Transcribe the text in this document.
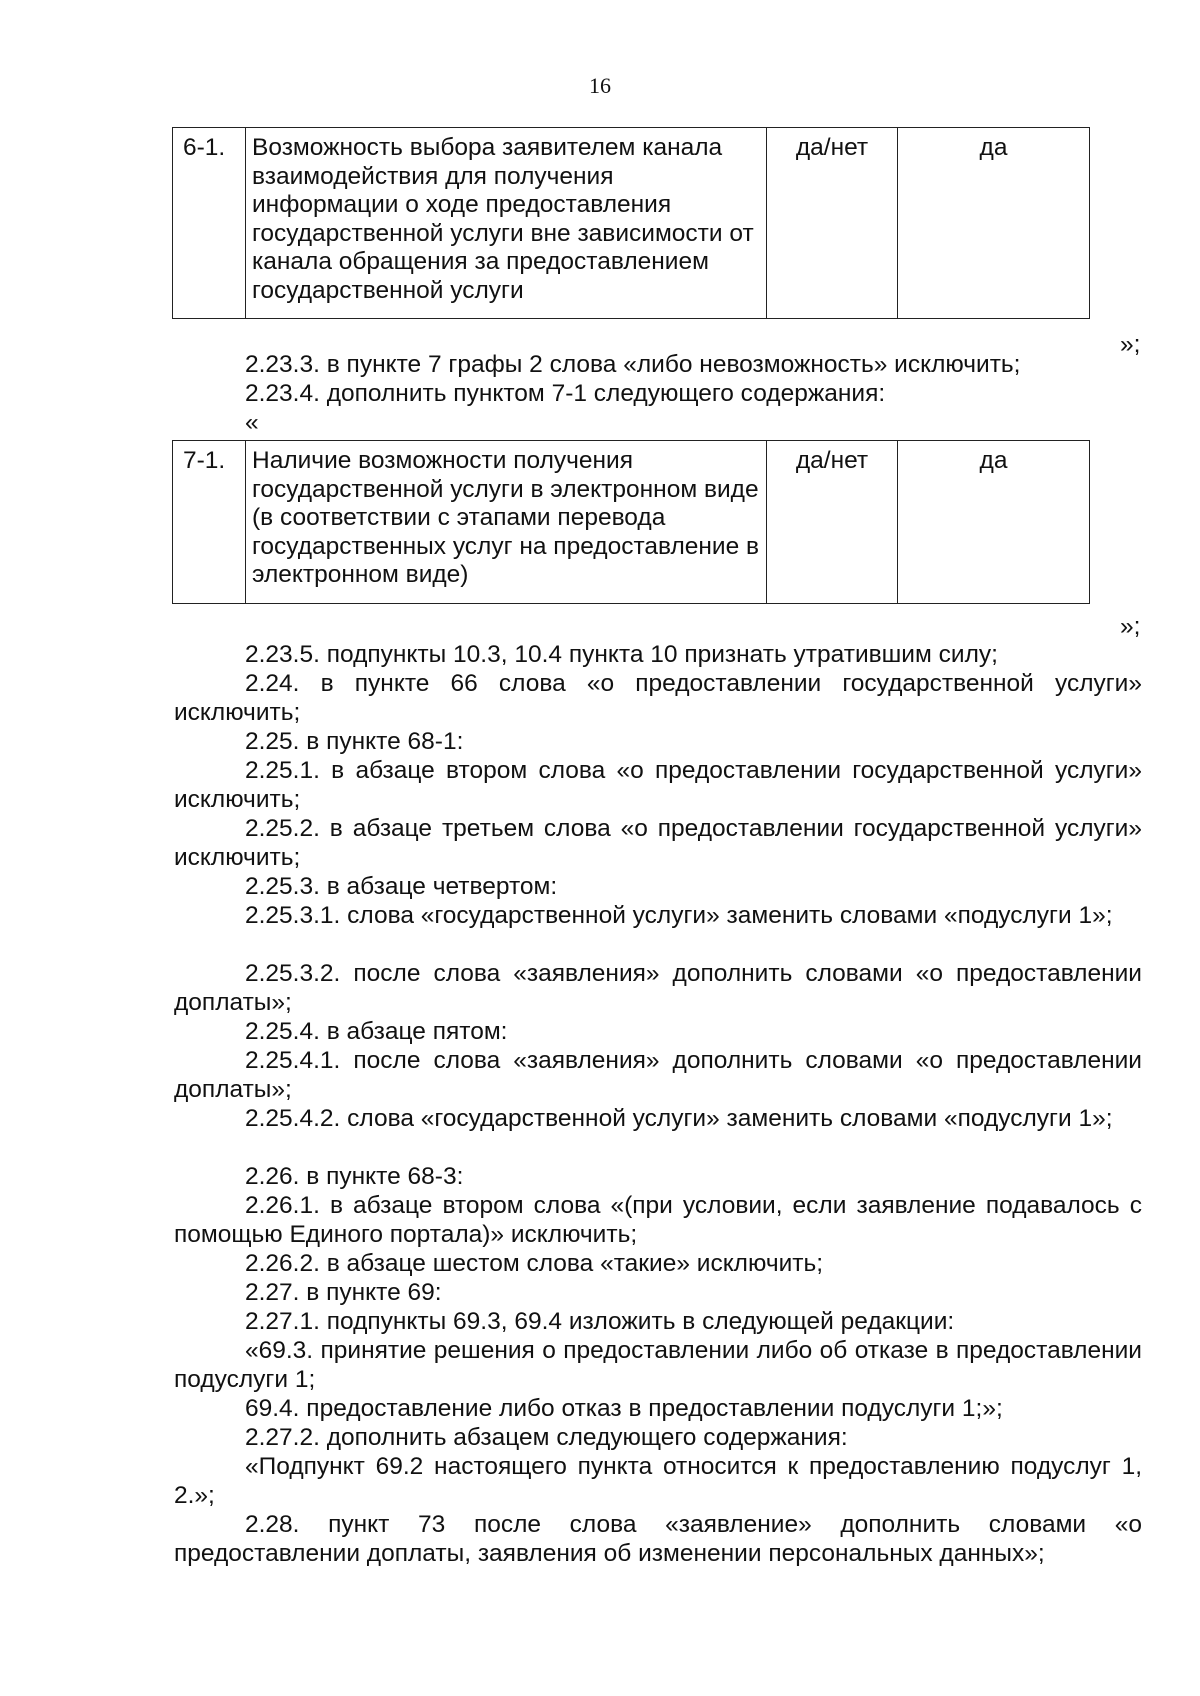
16
6-1.	Возможность выбора заявителем канала взаимодействия для получения информации о ходе предоставления государственной услуги вне зависимости от канала обращения за предоставлением государственной услуги	да/нет	да
»;
2.23.3. в пункте 7 графы 2 слова «либо невозможность» исключить;
2.23.4. дополнить пунктом 7-1 следующего содержания:
«
7-1.	Наличие возможности получения государственной услуги в электронном виде (в соответствии с этапами перевода государственных услуг на предоставление в электронном виде)	да/нет	да
»;
2.23.5. подпункты 10.3, 10.4 пункта 10 признать утратившим силу;
2.24. в пункте 66 слова «о предоставлении государственной услуги» исключить;
2.25. в пункте 68-1:
2.25.1. в абзаце втором слова «о предоставлении государственной услуги» исключить;
2.25.2. в абзаце третьем слова «о предоставлении государственной услуги» исключить;
2.25.3. в абзаце четвертом:
2.25.3.1. слова «государственной услуги» заменить словами «подуслуги 1»;
2.25.3.2. после слова «заявления» дополнить словами «о предоставлении доплаты»;
2.25.4. в абзаце пятом:
2.25.4.1. после слова «заявления» дополнить словами «о предоставлении доплаты»;
2.25.4.2. слова «государственной услуги» заменить словами «подуслуги 1»;
2.26. в пункте 68-3:
2.26.1. в абзаце втором слова «(при условии, если заявление подавалось с помощью Единого портала)» исключить;
2.26.2. в абзаце шестом слова «такие» исключить;
2.27. в пункте 69:
2.27.1. подпункты 69.3, 69.4 изложить в следующей редакции:
«69.3. принятие решения о предоставлении либо об отказе в предоставлении подуслуги 1;
69.4. предоставление либо отказ в предоставлении подуслуги 1;»;
2.27.2. дополнить абзацем следующего содержания:
«Подпункт 69.2 настоящего пункта относится к предоставлению подуслуг 1, 2.»;
2.28. пункт 73 после слова «заявление» дополнить словами «о предоставлении доплаты, заявления об изменении персональных данных»;
